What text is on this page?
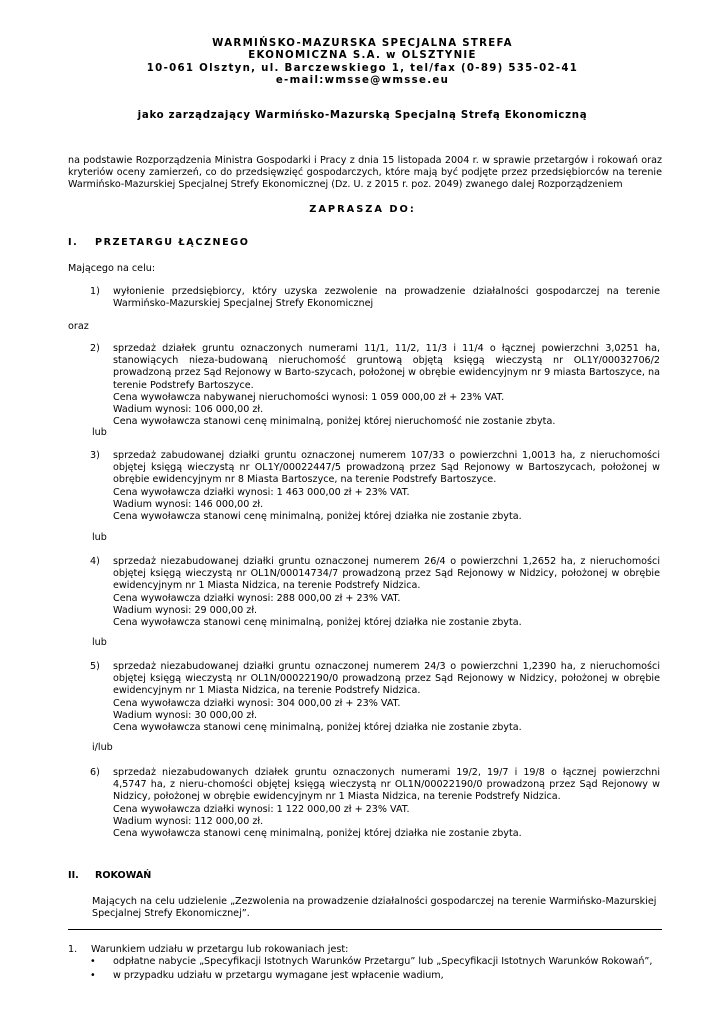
WARMIŃSKO-MAZURSKA SPECJALNA STREFA
EKONOMICZNA S.A. w OLSZTYNIE
10-061 Olsztyn, ul. Barczewskiego 1, tel/fax (0-89) 535-02-41
e-mail:wmsse@wmsse.eu
jako zarządzający Warmińsko-Mazurską Specjalną Strefą Ekonomiczną
na podstawie Rozporządzenia Ministra Gospodarki i Pracy z dnia 15 listopada 2004 r. w sprawie przetargów i rokowań oraz kryteriów oceny zamierzeń, co do przedsięwzięć gospodarczych, które mają być podjęte przez przedsiębiorców na terenie Warmińsko-Mazurskiej Specjalnej Strefy Ekonomicznej (Dz. U. z 2015 r. poz. 2049) zwanego dalej Rozporządzeniem
ZAPRASZA DO:
I. PRZETARGU ŁĄCZNEGO
Mającego na celu:
1) wyłonienie przedsiębiorcy, który uzyska zezwolenie na prowadzenie działalności gospodarczej na terenie Warmińsko-Mazurskiej Specjalnej Strefy Ekonomicznej
oraz
2) sprzedaż działek gruntu oznaczonych numerami 11/1, 11/2, 11/3 i 11/4 o łącznej powierzchni 3,0251 ha, stanowiących nieza-budowaną nieruchomość gruntową objętą księgą wieczystą nr OL1Y/00032706/2 prowadzoną przez Sąd Rejonowy w Barto-szycach, położonej w obrębie ewidencyjnym nr 9 miasta Bartoszyce, na terenie Podstrefy Bartoszyce.
Cena wywoławcza nabywanej nieruchomości wynosi: 1 059 000,00 zł + 23% VAT.
Wadium wynosi: 106 000,00 zł.
Cena wywoławcza stanowi cenę minimalną, poniżej której nieruchomość nie zostanie zbyta.
lub
3) sprzedaż zabudowanej działki gruntu oznaczonej numerem 107/33 o powierzchni 1,0013 ha, z nieruchomości objętej księgą wieczystą nr OL1Y/00022447/5 prowadzoną przez Sąd Rejonowy w Bartoszycach, położonej w obrębie ewidencyjnym nr 8 Miasta Bartoszyce, na terenie Podstrefy Bartoszyce.
Cena wywoławcza działki wynosi: 1 463 000,00 zł + 23% VAT.
Wadium wynosi: 146 000,00 zł.
Cena wywoławcza stanowi cenę minimalną, poniżej której działka nie zostanie zbyta.
lub
4) sprzedaż niezabudowanej działki gruntu oznaczonej numerem 26/4 o powierzchni 1,2652 ha, z nieruchomości objętej księgą wieczystą nr OL1N/00014734/7 prowadzoną przez Sąd Rejonowy w Nidzicy, położonej w obrębie ewidencyjnym nr 1 Miasta Nidzica, na terenie Podstrefy Nidzica.
Cena wywoławcza działki wynosi: 288 000,00 zł + 23% VAT.
Wadium wynosi: 29 000,00 zł.
Cena wywoławcza stanowi cenę minimalną, poniżej której działka nie zostanie zbyta.
lub
5) sprzedaż niezabudowanej działki gruntu oznaczonej numerem 24/3 o powierzchni 1,2390 ha, z nieruchomości objętej księgą wieczystą nr OL1N/00022190/0 prowadzoną przez Sąd Rejonowy w Nidzicy, położonej w obrębie ewidencyjnym nr 1 Miasta Nidzica, na terenie Podstrefy Nidzica.
Cena wywoławcza działki wynosi: 304 000,00 zł + 23% VAT.
Wadium wynosi: 30 000,00 zł.
Cena wywoławcza stanowi cenę minimalną, poniżej której działka nie zostanie zbyta.
i/lub
6) sprzedaż niezabudowanych działek gruntu oznaczonych numerami 19/2, 19/7 i 19/8 o łącznej powierzchni 4,5747 ha, z nieru-chomości objętej księgą wieczystą nr OL1N/00022190/0 prowadzoną przez Sąd Rejonowy w Nidzicy, położonej w obrębie ewidencyjnym nr 1 Miasta Nidzica, na terenie Podstrefy Nidzica.
Cena wywoławcza działki wynosi: 1 122 000,00 zł + 23% VAT.
Wadium wynosi: 112 000,00 zł.
Cena wywoławcza stanowi cenę minimalną, poniżej której działka nie zostanie zbyta.
II. ROKOWAŃ
Mających na celu udzielenie „Zezwolenia na prowadzenie działalności gospodarczej na terenie Warmińsko-Mazurskiej Specjalnej Strefy Ekonomicznej”.
1. Warunkiem udziału w przetargu lub rokowaniach jest:
• odpłatne nabycie „Specyfikacji Istotnych Warunków Przetargu” lub „Specyfikacji Istotnych Warunków Rokowań”,
• w przypadku udziału w przetargu wymagane jest wpłacenie wadium,
